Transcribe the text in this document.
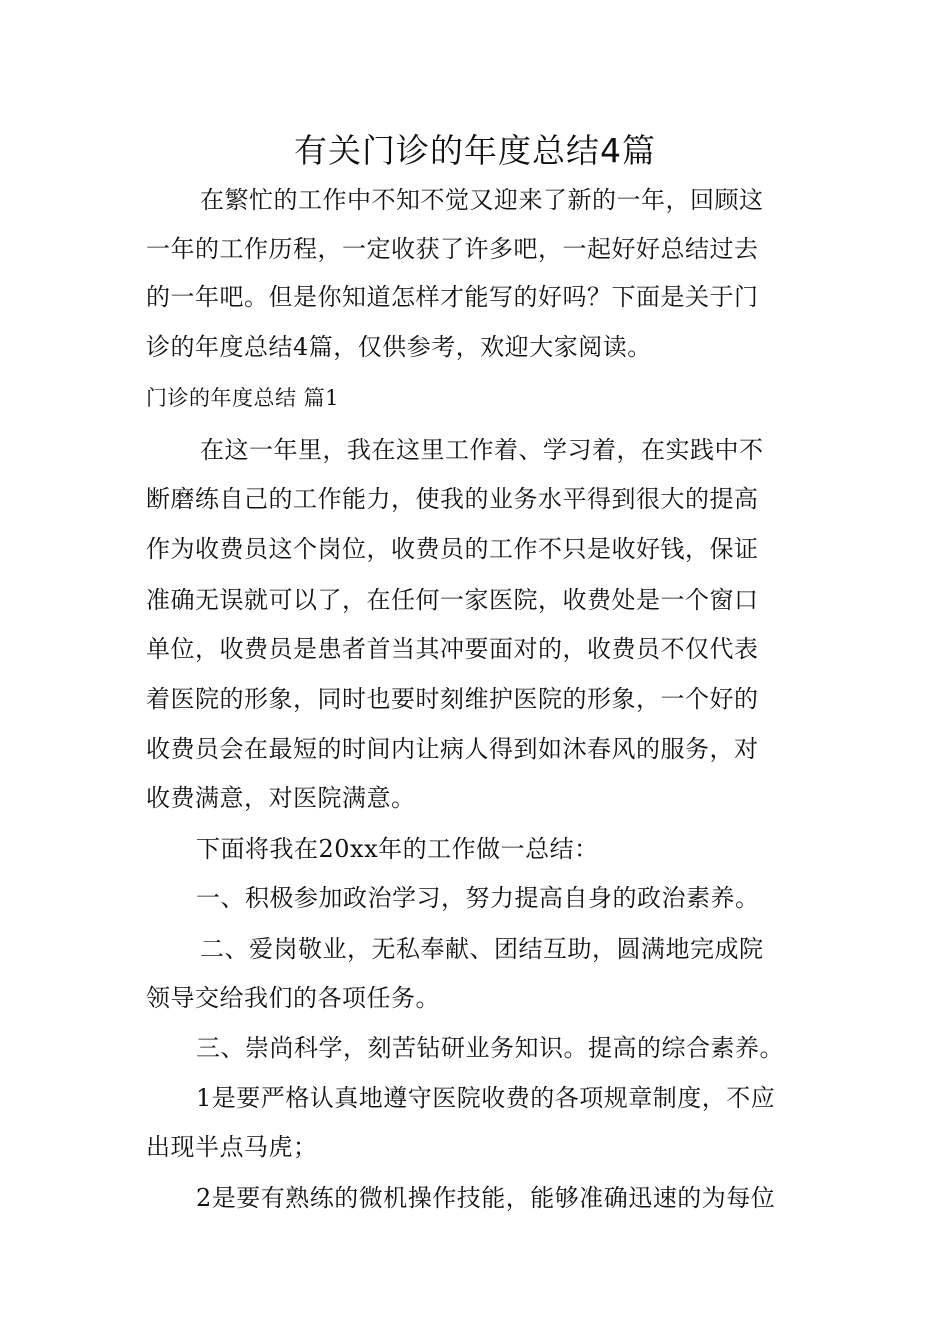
有关门诊的年度总结4篇
在繁忙的工作中不知不觉又迎来了新的一年，回顾这
一年的工作历程，一定收获了许多吧，一起好好总结过去
的一年吧。但是你知道怎样才能写的好吗？下面是关于门
诊的年度总结4篇，仅供参考，欢迎大家阅读。
门诊的年度总结 篇1
在这一年里，我在这里工作着、学习着，在实践中不
断磨练自己的工作能力，使我的业务水平得到很大的提高
作为收费员这个岗位，收费员的工作不只是收好钱，保证
准确无误就可以了，在任何一家医院，收费处是一个窗口
单位，收费员是患者首当其冲要面对的，收费员不仅代表
着医院的形象，同时也要时刻维护医院的形象，一个好的
收费员会在最短的时间内让病人得到如沐春风的服务，对
收费满意，对医院满意。
下面将我在20xx年的工作做一总结：
一、积极参加政治学习，努力提高自身的政治素养。
二、爱岗敬业，无私奉献、团结互助，圆满地完成院
领导交给我们的各项任务。
三、崇尚科学，刻苦钻研业务知识。提高的综合素养。
1是要严格认真地遵守医院收费的各项规章制度，不应
出现半点马虎；
2是要有熟练的微机操作技能，能够准确迅速的为每位
